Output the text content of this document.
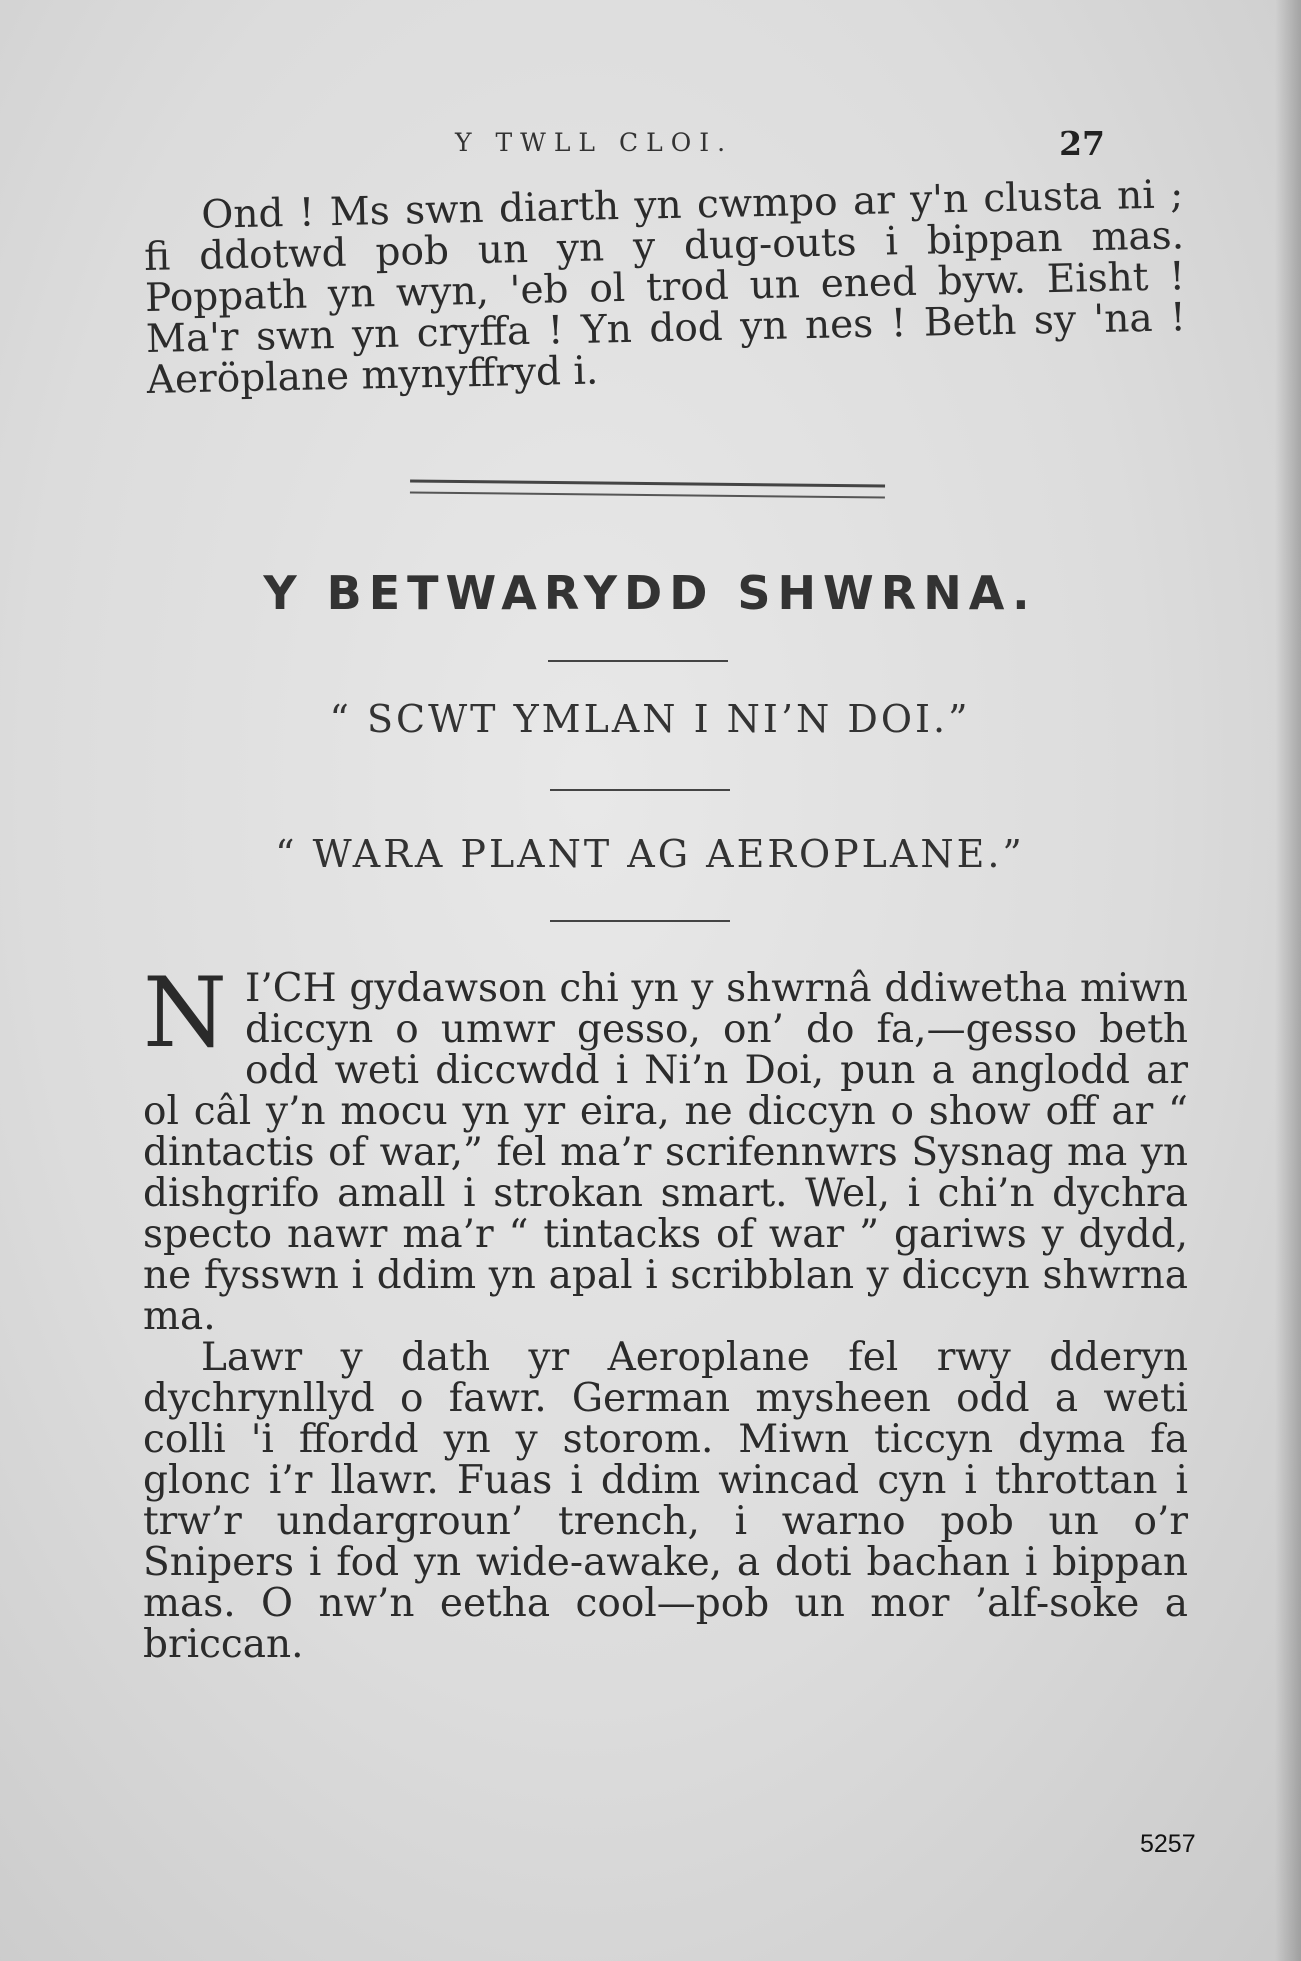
Y TWLL CLOI.	27

Ond ! Ms swn diarth yn cwmpo ar y'n clusta ni ; fi ddotwd pob un yn y dug-outs i bippan mas. Poppath yn wyn, 'eb ol trod un ened byw. Eisht ! Ma'r swn yn cryffa ! Yn dod yn nes ! Beth sy 'na ! Aeröplane mynyffryd i.

Y BETWARYDD SHWRNA.
“ SCWT YMLAN I NI’N DOI.”
“ WARA PLANT AG AEROPLANE.”
N I’CH gydawson chi yn y shwrnâ ddiwetha miwn diccyn o umwr gesso, on’ do fa,—gesso beth odd weti diccwdd i Ni’n Doi, pun a anglodd ar ol câl y’n mocu yn yr eira, ne diccyn o show off ar “ dintactis of war,” fel ma’r scrifennwrs Sysnag ma yn dishgrifo amall i strokan smart. Wel, i chi’n dychra specto nawr ma’r “ tintacks of war ” gariws y dydd, ne fysswn i ddim yn apal i scribblan y diccyn shwrna ma.

Lawr y dath yr Aeroplane fel rwy dderyn dychrynllyd o fawr. German mysheen odd a weti colli 'i ffordd yn y storom. Miwn ticcyn dyma fa glonc i’r llawr. Fuas i ddim wincad cyn i throttan i trw’r undargroun’ trench, i warno pob un o’r Snipers i fod yn wide-awake, a doti bachan i bippan mas. O nw’n eetha cool—pob un mor ’alf-soke a briccan.

5257
